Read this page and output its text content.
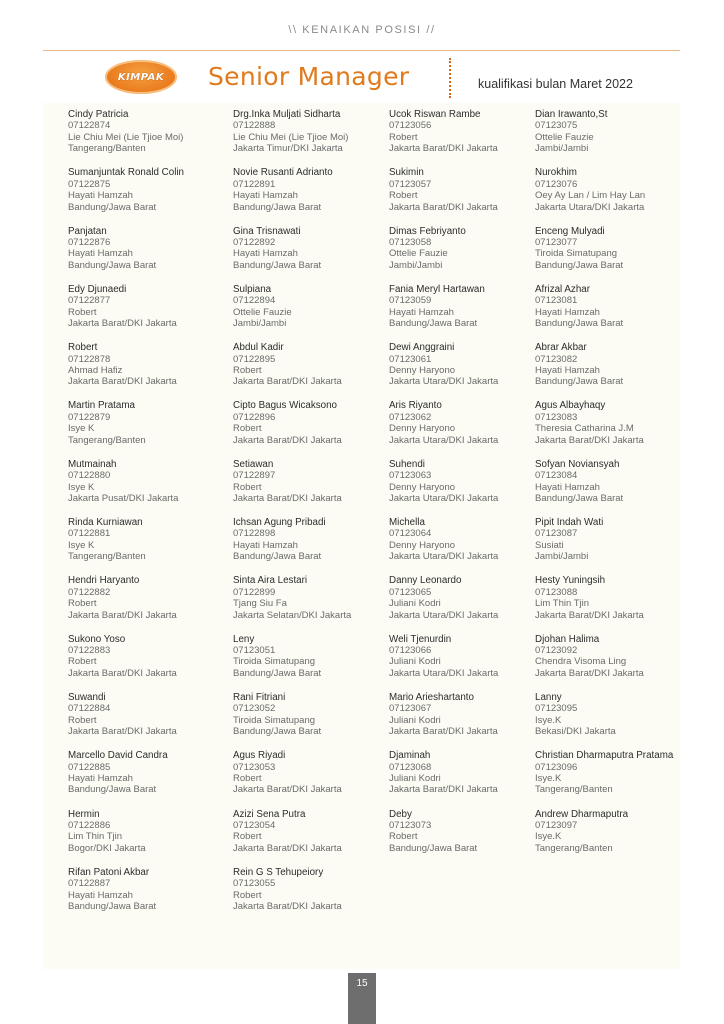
\\ KENAIKAN POSISI //
KIMPAK Senior Manager	kualifikasi bulan Maret 2022
Cindy Patricia
07122874
Lie Chiu Mei (Lie Tjioe Moi)
Tangerang/Banten
Sumanjuntak Ronald Colin
07122875
Hayati Hamzah
Bandung/Jawa Barat
Panjatan
07122876
Hayati Hamzah
Bandung/Jawa Barat
Edy Djunaedi
07122877
Robert
Jakarta Barat/DKI Jakarta
Robert
07122878
Ahmad Hafiz
Jakarta Barat/DKI Jakarta
Martin Pratama
07122879
Isye K
Tangerang/Banten
Mutmainah
07122880
Isye K
Jakarta Pusat/DKI Jakarta
Rinda Kurniawan
07122881
Isye K
Tangerang/Banten
Hendri Haryanto
07122882
Robert
Jakarta Barat/DKI Jakarta
Sukono Yoso
07122883
Robert
Jakarta Barat/DKI Jakarta
Suwandi
07122884
Robert
Jakarta Barat/DKI Jakarta
Marcello David Candra
07122885
Hayati Hamzah
Bandung/Jawa Barat
Hermin
07122886
Lim Thin Tjin
Bogor/DKI Jakarta
Rifan Patoni Akbar
07122887
Hayati Hamzah
Bandung/Jawa Barat
Drg.Inka Muljati Sidharta
07122888
Lie Chiu Mei (Lie Tjioe Moi)
Jakarta Timur/DKI Jakarta
Novie Rusanti Adrianto
07122891
Hayati Hamzah
Bandung/Jawa Barat
Gina Trisnawati
07122892
Hayati Hamzah
Bandung/Jawa Barat
Sulpiana
07122894
Ottelie Fauzie
Jambi/Jambi
Abdul Kadir
07122895
Robert
Jakarta Barat/DKI Jakarta
Cipto Bagus Wicaksono
07122896
Robert
Jakarta Barat/DKI Jakarta
Setiawan
07122897
Robert
Jakarta Barat/DKI Jakarta
Ichsan Agung Pribadi
07122898
Hayati Hamzah
Bandung/Jawa Barat
Sinta Aira Lestari
07122899
Tjang Siu Fa
Jakarta Selatan/DKI Jakarta
Leny
07123051
Tiroida Simatupang
Bandung/Jawa Barat
Rani Fitriani
07123052
Tiroida Simatupang
Bandung/Jawa Barat
Agus Riyadi
07123053
Robert
Jakarta Barat/DKI Jakarta
Azizi Sena Putra
07123054
Robert
Jakarta Barat/DKI Jakarta
Rein G S Tehupeiory
07123055
Robert
Jakarta Barat/DKI Jakarta
Ucok Riswan Rambe
07123056
Robert
Jakarta Barat/DKI Jakarta
Sukimin
07123057
Robert
Jakarta Barat/DKI Jakarta
Dimas Febriyanto
07123058
Ottelie Fauzie
Jambi/Jambi
Fania Meryl Hartawan
07123059
Hayati Hamzah
Bandung/Jawa Barat
Dewi Anggraini
07123061
Denny Haryono
Jakarta Utara/DKI Jakarta
Aris Riyanto
07123062
Denny Haryono
Jakarta Utara/DKI Jakarta
Suhendi
07123063
Denny Haryono
Jakarta Utara/DKI Jakarta
Michella
07123064
Denny Haryono
Jakarta Utara/DKI Jakarta
Danny Leonardo
07123065
Juliani Kodri
Jakarta Utara/DKI Jakarta
Weli Tjenurdin
07123066
Juliani Kodri
Jakarta Utara/DKI Jakarta
Mario Arieshartanto
07123067
Juliani Kodri
Jakarta Barat/DKI Jakarta
Djaminah
07123068
Juliani Kodri
Jakarta Barat/DKI Jakarta
Deby
07123073
Robert
Bandung/Jawa Barat
Dian Irawanto,St
07123075
Ottelie Fauzie
Jambi/Jambi
Nurokhim
07123076
Oey Ay Lan / Lim Hay Lan
Jakarta Utara/DKI Jakarta
Enceng Mulyadi
07123077
Tiroida Simatupang
Bandung/Jawa Barat
Afrizal Azhar
07123081
Hayati Hamzah
Bandung/Jawa Barat
Abrar Akbar
07123082
Hayati Hamzah
Bandung/Jawa Barat
Agus Albayhaqy
07123083
Theresia Catharina J.M
Jakarta Barat/DKI Jakarta
Sofyan Noviansyah
07123084
Hayati Hamzah
Bandung/Jawa Barat
Pipit Indah Wati
07123087
Susiati
Jambi/Jambi
Hesty Yuningsih
07123088
Lim Thin Tjin
Jakarta Barat/DKI Jakarta
Djohan Halima
07123092
Chendra Visoma Ling
Jakarta Barat/DKI Jakarta
Lanny
07123095
Isye.K
Bekasi/DKI Jakarta
Christian Dharmaputra Pratama
07123096
Isye.K
Tangerang/Banten
Andrew Dharmaputra
07123097
Isye.K
Tangerang/Banten
15
